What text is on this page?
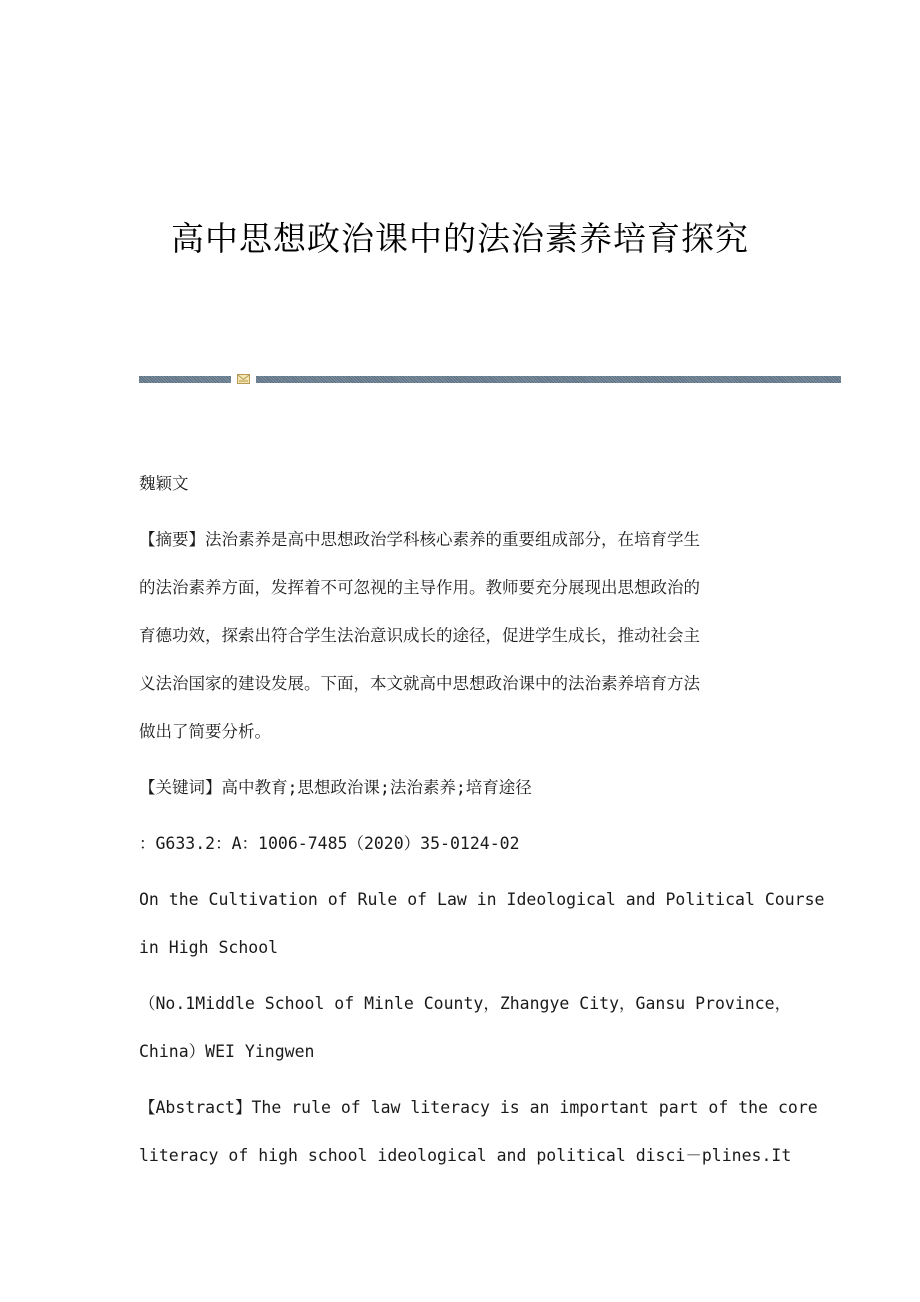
高中思想政治课中的法治素养培育探究
魏颖文
【摘要】法治素养是高中思想政治学科核心素养的重要组成部分，在培育学生
的法治素养方面，发挥着不可忽视的主导作用。教师要充分展现出思想政治的
育德功效，探索出符合学生法治意识成长的途径，促进学生成长，推动社会主
义法治国家的建设发展。下面，本文就高中思想政治课中的法治素养培育方法
做出了简要分析。
【关键词】高中教育;思想政治课;法治素养;培育途径
：G633.2：A：1006-7485（2020）35-0124-02
On the Cultivation of Rule of Law in Ideological and Political Course
in High School
（No.1Middle School of Minle County，Zhangye City，Gansu Province，
China）WEI Yingwen
【Abstract】The rule of law literacy is an important part of the core
literacy of high school ideological and political disci－plines.It
